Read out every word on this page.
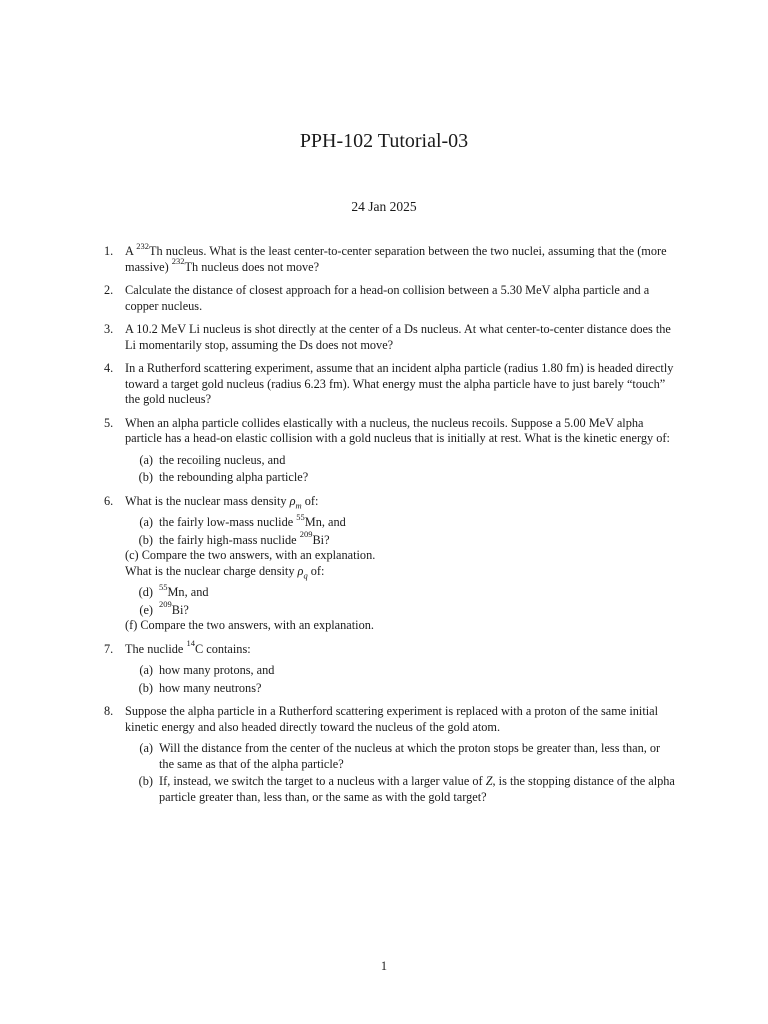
PPH-102 Tutorial-03
24 Jan 2025
1. A $^{232}$Th nucleus. What is the least center-to-center separation between the two nuclei, assuming that the (more massive) $^{232}$Th nucleus does not move?

2. Calculate the distance of closest approach for a head-on collision between a 5.30 MeV alpha particle and a copper nucleus.

3. A 10.2 MeV Li nucleus is shot directly at the center of a Ds nucleus. At what center-to-center distance does the Li momentarily stop, assuming the Ds does not move?

4. In a Rutherford scattering experiment, assume that an incident alpha particle (radius 1.80 fm) is headed directly toward a target gold nucleus (radius 6.23 fm). What energy must the alpha particle have to just barely “touch” the gold nucleus?

5. When an alpha particle collides elastically with a nucleus, the nucleus recoils. Suppose a 5.00 MeV alpha particle has a head-on elastic collision with a gold nucleus that is initially at rest. What is the kinetic energy of:

(a) the recoiling nucleus, and
(b) the rebounding alpha particle?
6. What is the nuclear mass density $\rho_m$ of:

(a) the fairly low-mass nuclide $^{55}$Mn, and
(b) the fairly high-mass nuclide $^{209}$Bi?

(c) Compare the two answers, with an explanation.

What is the nuclear charge density $\rho_q$ of:

(d) $^{55}$Mn, and
(e) $^{209}$Bi?

(f) Compare the two answers, with an explanation.

7. The nuclide $^{14}$C contains:

(a) how many protons, and
(b) how many neutrons?
8. Suppose the alpha particle in a Rutherford scattering experiment is replaced with a proton of the same initial kinetic energy and also headed directly toward the nucleus of the gold atom.

(a) Will the distance from the center of the nucleus at which the proton stops be greater than, less than, or the same as that of the alpha particle?
(b) If, instead, we switch the target to a nucleus with a larger value of Z, is the stopping distance of the alpha particle greater than, less than, or the same as with the gold target?
1
